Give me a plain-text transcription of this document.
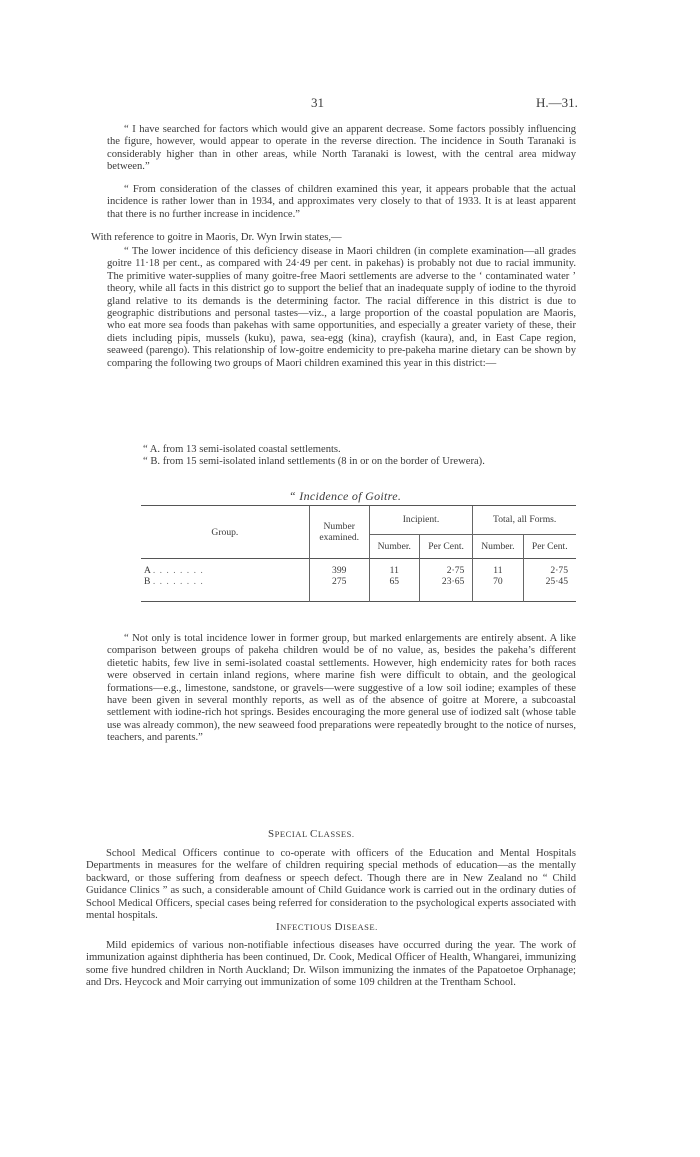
31	H.—31.

“ I have searched for factors which would give an apparent decrease. Some factors possibly influencing the figure, however, would appear to operate in the reverse direction. The incidence in South Taranaki is considerably higher than in other areas, while North Taranaki is lowest, with the central area midway between.”

“ From consideration of the classes of children examined this year, it appears probable that the actual incidence is rather lower than in 1934, and approximates very closely to that of 1933. It is at least apparent that there is no further increase in incidence.”

With reference to goitre in Maoris, Dr. Wyn Irwin states,—

“ The lower incidence of this deficiency disease in Maori children (in complete examination—all grades goitre 11·18 per cent., as compared with 24·49 per cent. in pakehas) is probably not due to racial immunity. The primitive water-supplies of many goitre-free Maori settlements are adverse to the ‘ contaminated water ’ theory, while all facts in this district go to support the belief that an inadequate supply of iodine to the thyroid gland relative to its demands is the determining factor. The racial difference in this district is due to geographic distributions and personal tastes—viz., a large proportion of the coastal population are Maoris, who eat more sea foods than pakehas with same opportunities, and especially a greater variety of these, their diets including pipis, mussels (kuku), pawa, sea-egg (kina), crayfish (kaura), and, in East Cape region, seaweed (parengo). This relationship of low-goitre endemicity to pre-pakeha marine dietary can be shown by comparing the following two groups of Maori children examined this year in this district:—

“ A. from 13 semi-isolated coastal settlements.

“ B. from 15 semi-isolated inland settlements (8 in or on the border of Urewera).

“ Incidence of Goitre.
Group.	Number examined.	Incipient.		Total, all Forms.	
		Number.	Per Cent.	Number.	Per Cent.
A . . . . . . . .	399	11	2·75	11	2·75
B . . . . . . . .	275	65	23·65	70	25·45

“ Not only is total incidence lower in former group, but marked enlargements are entirely absent. A like comparison between groups of pakeha children would be of no value, as, besides the pakeha’s different dietetic habits, few live in semi-isolated coastal settlements. However, high endemicity rates for both races were observed in certain inland regions, where marine fish were difficult to obtain, and the geological formations—e.g., limestone, sandstone, or gravels—were suggestive of a low soil iodine; examples of these have been given in several monthly reports, as well as of the absence of goitre at Morere, a subcoastal settlement with iodine-rich hot springs. Besides encouraging the more general use of iodized salt (whose table use was already common), the new seaweed food preparations were repeatedly brought to the notice of nurses, teachers, and parents.”

SPECIAL CLASSES.

School Medical Officers continue to co-operate with officers of the Education and Mental Hospitals Departments in measures for the welfare of children requiring special methods of education—as the mentally backward, or those suffering from deafness or speech defect. Though there are in New Zealand no “ Child Guidance Clinics ” as such, a considerable amount of Child Guidance work is carried out in the ordinary duties of School Medical Officers, special cases being referred for consideration to the psychological experts associated with mental hospitals.

INFECTIOUS DISEASE.

Mild epidemics of various non-notifiable infectious diseases have occurred during the year. The work of immunization against diphtheria has been continued, Dr. Cook, Medical Officer of Health, Whangarei, immunizing some five hundred children in North Auckland; Dr. Wilson immunizing the inmates of the Papatoetoe Orphanage; and Drs. Heycock and Moir carrying out immunization of some 109 children at the Trentham School.
